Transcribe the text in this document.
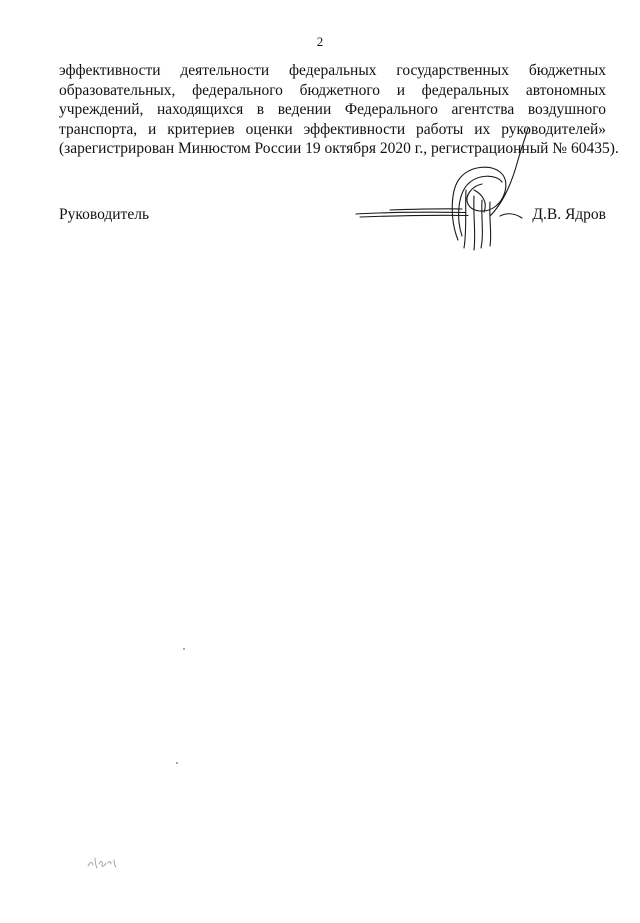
2
эффективности деятельности федеральных государственных бюджетных
образовательных, федерального бюджетного и федеральных автономных
учреждений, находящихся в ведении Федерального агентства воздушного
транспорта, и критериев оценки эффективности работы их руководителей»
(зарегистрирован Минюстом России 19 октября 2020 г., регистрационный № 60435).
Руководитель	Д.В. Ядров
